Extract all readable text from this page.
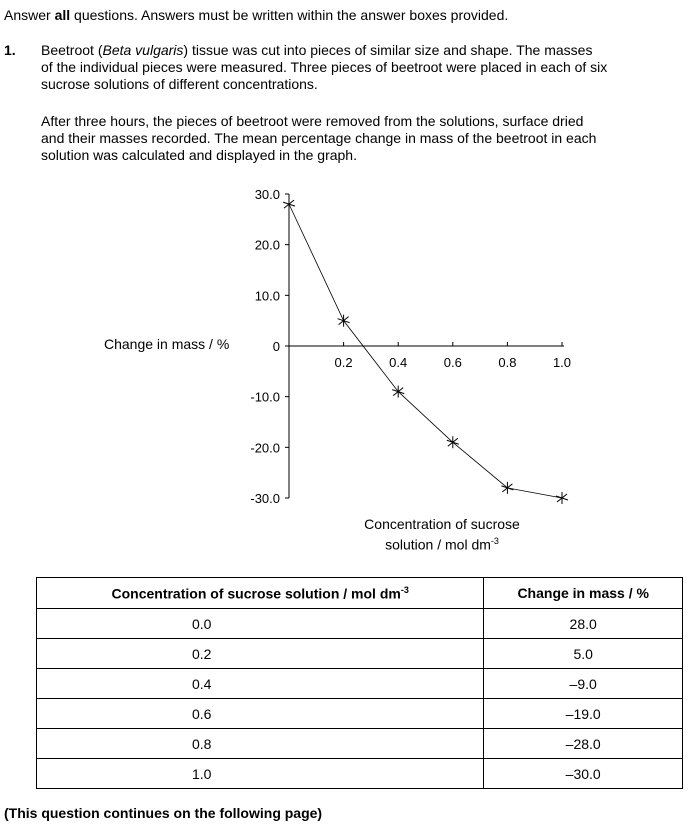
Answer all questions. Answers must be written within the answer boxes provided.
1. Beetroot (Beta vulgaris) tissue was cut into pieces of similar size and shape. The masses
of the individual pieces were measured. Three pieces of beetroot were placed in each of six
sucrose solutions of different concentrations.
After three hours, the pieces of beetroot were removed from the solutions, surface dried
and their masses recorded. The mean percentage change in mass of the beetroot in each
solution was calculated and displayed in the graph.
30.0
20.0
10.0
0
-10.0
-20.0
-30.0
0.2	0.4	0.6	0.8	1.0
Change in mass / %
Concentration of sucrose
solution / mol $dm^{-3}$
Concentration of sucrose solution / mol $dm^{-3}$	Change in mass / %
0.0	28.0
0.2	5.0
0.4	–9.0
0.6	–19.0
0.8	–28.0
1.0	–30.0
(This question continues on the following page)
